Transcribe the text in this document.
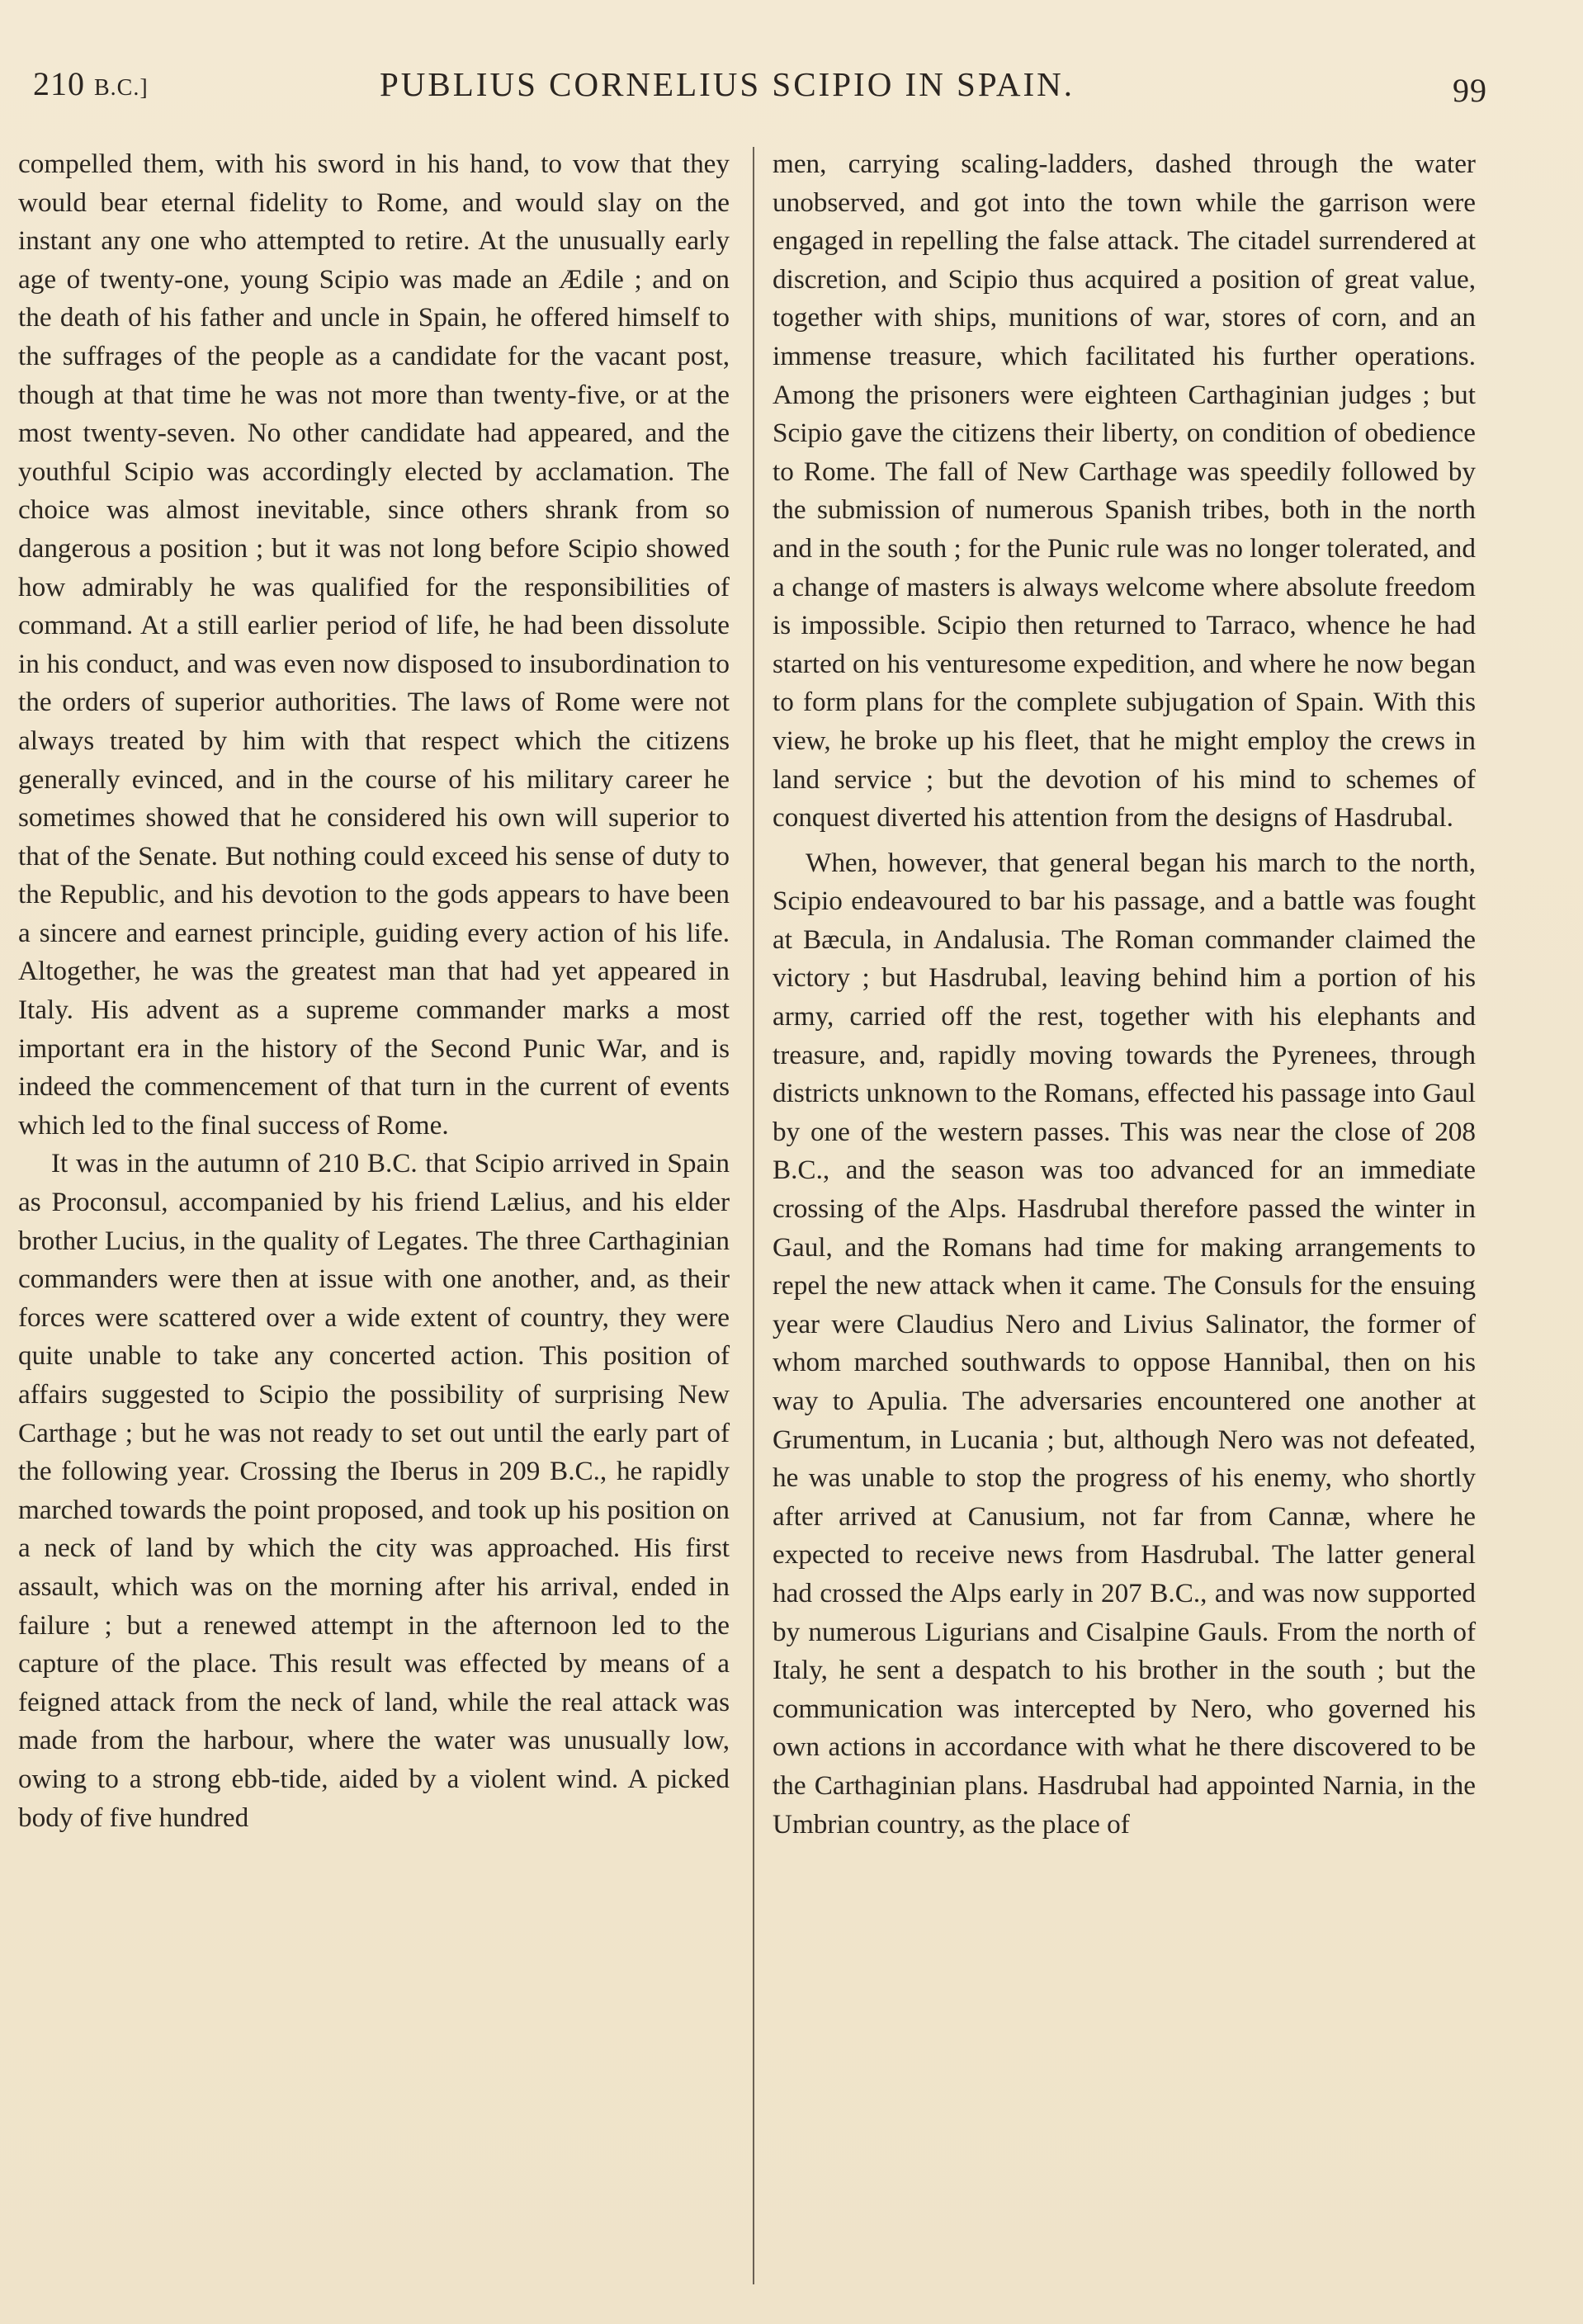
210 B.C.]	PUBLIUS CORNELIUS SCIPIO IN SPAIN.	99

compelled them, with his sword in his hand, to vow that they would bear eternal fidelity to Rome, and would slay on the instant any one who attempted to retire. At the unusually early age of twenty-one, young Scipio was made an Ædile ; and on the death of his father and uncle in Spain, he offered himself to the suffrages of the people as a candidate for the vacant post, though at that time he was not more than twenty-five, or at the most twenty-seven. No other candidate had appeared, and the youthful Scipio was accordingly elected by acclamation. The choice was almost inevitable, since others shrank from so dangerous a position ; but it was not long before Scipio showed how admirably he was qualified for the responsibilities of command. At a still earlier period of life, he had been dissolute in his conduct, and was even now disposed to insubordination to the orders of superior authorities. The laws of Rome were not always treated by him with that respect which the citizens generally evinced, and in the course of his military career he sometimes showed that he considered his own will superior to that of the Senate. But nothing could exceed his sense of duty to the Republic, and his devotion to the gods appears to have been a sincere and earnest principle, guiding every action of his life. Altogether, he was the greatest man that had yet appeared in Italy. His advent as a supreme commander marks a most important era in the history of the Second Punic War, and is indeed the commencement of that turn in the current of events which led to the final success of Rome.

It was in the autumn of 210 B.C. that Scipio arrived in Spain as Proconsul, accompanied by his friend Lælius, and his elder brother Lucius, in the quality of Legates. The three Carthaginian commanders were then at issue with one another, and, as their forces were scattered over a wide extent of country, they were quite unable to take any concerted action. This position of affairs suggested to Scipio the possibility of surprising New Carthage ; but he was not ready to set out until the early part of the following year. Crossing the Iberus in 209 B.C., he rapidly marched towards the point proposed, and took up his position on a neck of land by which the city was approached. His first assault, which was on the morning after his arrival, ended in failure ; but a renewed attempt in the afternoon led to the capture of the place. This result was effected by means of a feigned attack from the neck of land, while the real attack was made from the harbour, where the water was unusually low, owing to a strong ebb-tide, aided by a violent wind. A picked body of five hundred

men, carrying scaling-ladders, dashed through the water unobserved, and got into the town while the garrison were engaged in repelling the false attack. The citadel surrendered at discretion, and Scipio thus acquired a position of great value, together with ships, munitions of war, stores of corn, and an immense treasure, which facilitated his further operations. Among the prisoners were eighteen Carthaginian judges ; but Scipio gave the citizens their liberty, on condition of obedience to Rome. The fall of New Carthage was speedily followed by the submission of numerous Spanish tribes, both in the north and in the south ; for the Punic rule was no longer tolerated, and a change of masters is always welcome where absolute freedom is impossible. Scipio then returned to Tarraco, whence he had started on his venturesome expedition, and where he now began to form plans for the complete subjugation of Spain. With this view, he broke up his fleet, that he might employ the crews in land service ; but the devotion of his mind to schemes of conquest diverted his attention from the designs of Hasdrubal.

When, however, that general began his march to the north, Scipio endeavoured to bar his passage, and a battle was fought at Bæcula, in Andalusia. The Roman commander claimed the victory ; but Hasdrubal, leaving behind him a portion of his army, carried off the rest, together with his elephants and treasure, and, rapidly moving towards the Pyrenees, through districts unknown to the Romans, effected his passage into Gaul by one of the western passes. This was near the close of 208 B.C., and the season was too advanced for an immediate crossing of the Alps. Hasdrubal therefore passed the winter in Gaul, and the Romans had time for making arrangements to repel the new attack when it came. The Consuls for the ensuing year were Claudius Nero and Livius Salinator, the former of whom marched southwards to oppose Hannibal, then on his way to Apulia. The adversaries encountered one another at Grumentum, in Lucania ; but, although Nero was not defeated, he was unable to stop the progress of his enemy, who shortly after arrived at Canusium, not far from Cannæ, where he expected to receive news from Hasdrubal. The latter general had crossed the Alps early in 207 B.C., and was now supported by numerous Ligurians and Cisalpine Gauls. From the north of Italy, he sent a despatch to his brother in the south ; but the communication was intercepted by Nero, who governed his own actions in accordance with what he there discovered to be the Carthaginian plans. Hasdrubal had appointed Narnia, in the Umbrian country, as the place of
